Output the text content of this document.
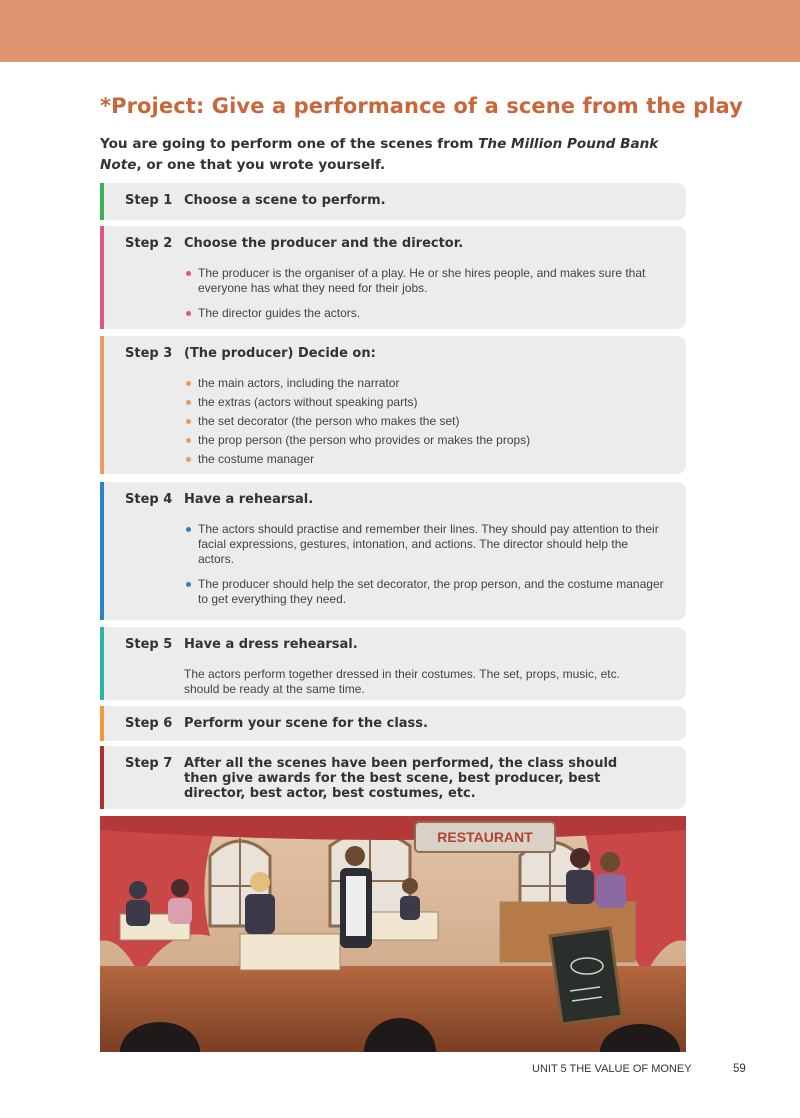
*Project: Give a performance of a scene from the play
You are going to perform one of the scenes from The Million Pound Bank Note, or one that you wrote yourself.
Step 1 Choose a scene to perform.
Step 2 Choose the producer and the director.
The producer is the organiser of a play. He or she hires people, and makes sure that everyone has what they need for their jobs.
The director guides the actors.
Step 3 (The producer) Decide on:
the main actors, including the narrator
the extras (actors without speaking parts)
the set decorator (the person who makes the set)
the prop person (the person who provides or makes the props)
the costume manager
Step 4 Have a rehearsal.
The actors should practise and remember their lines. They should pay attention to their facial expressions, gestures, intonation, and actions. The director should help the actors.
The producer should help the set decorator, the prop person, and the costume manager to get everything they need.
Step 5 Have a dress rehearsal.
The actors perform together dressed in their costumes. The set, props, music, etc. should be ready at the same time.
Step 6 Perform your scene for the class.
Step 7 After all the scenes have been performed, the class should then give awards for the best scene, best producer, best director, best actor, best costumes, etc.
RESTAURANT
UNIT 5 THE VALUE OF MONEY	59
